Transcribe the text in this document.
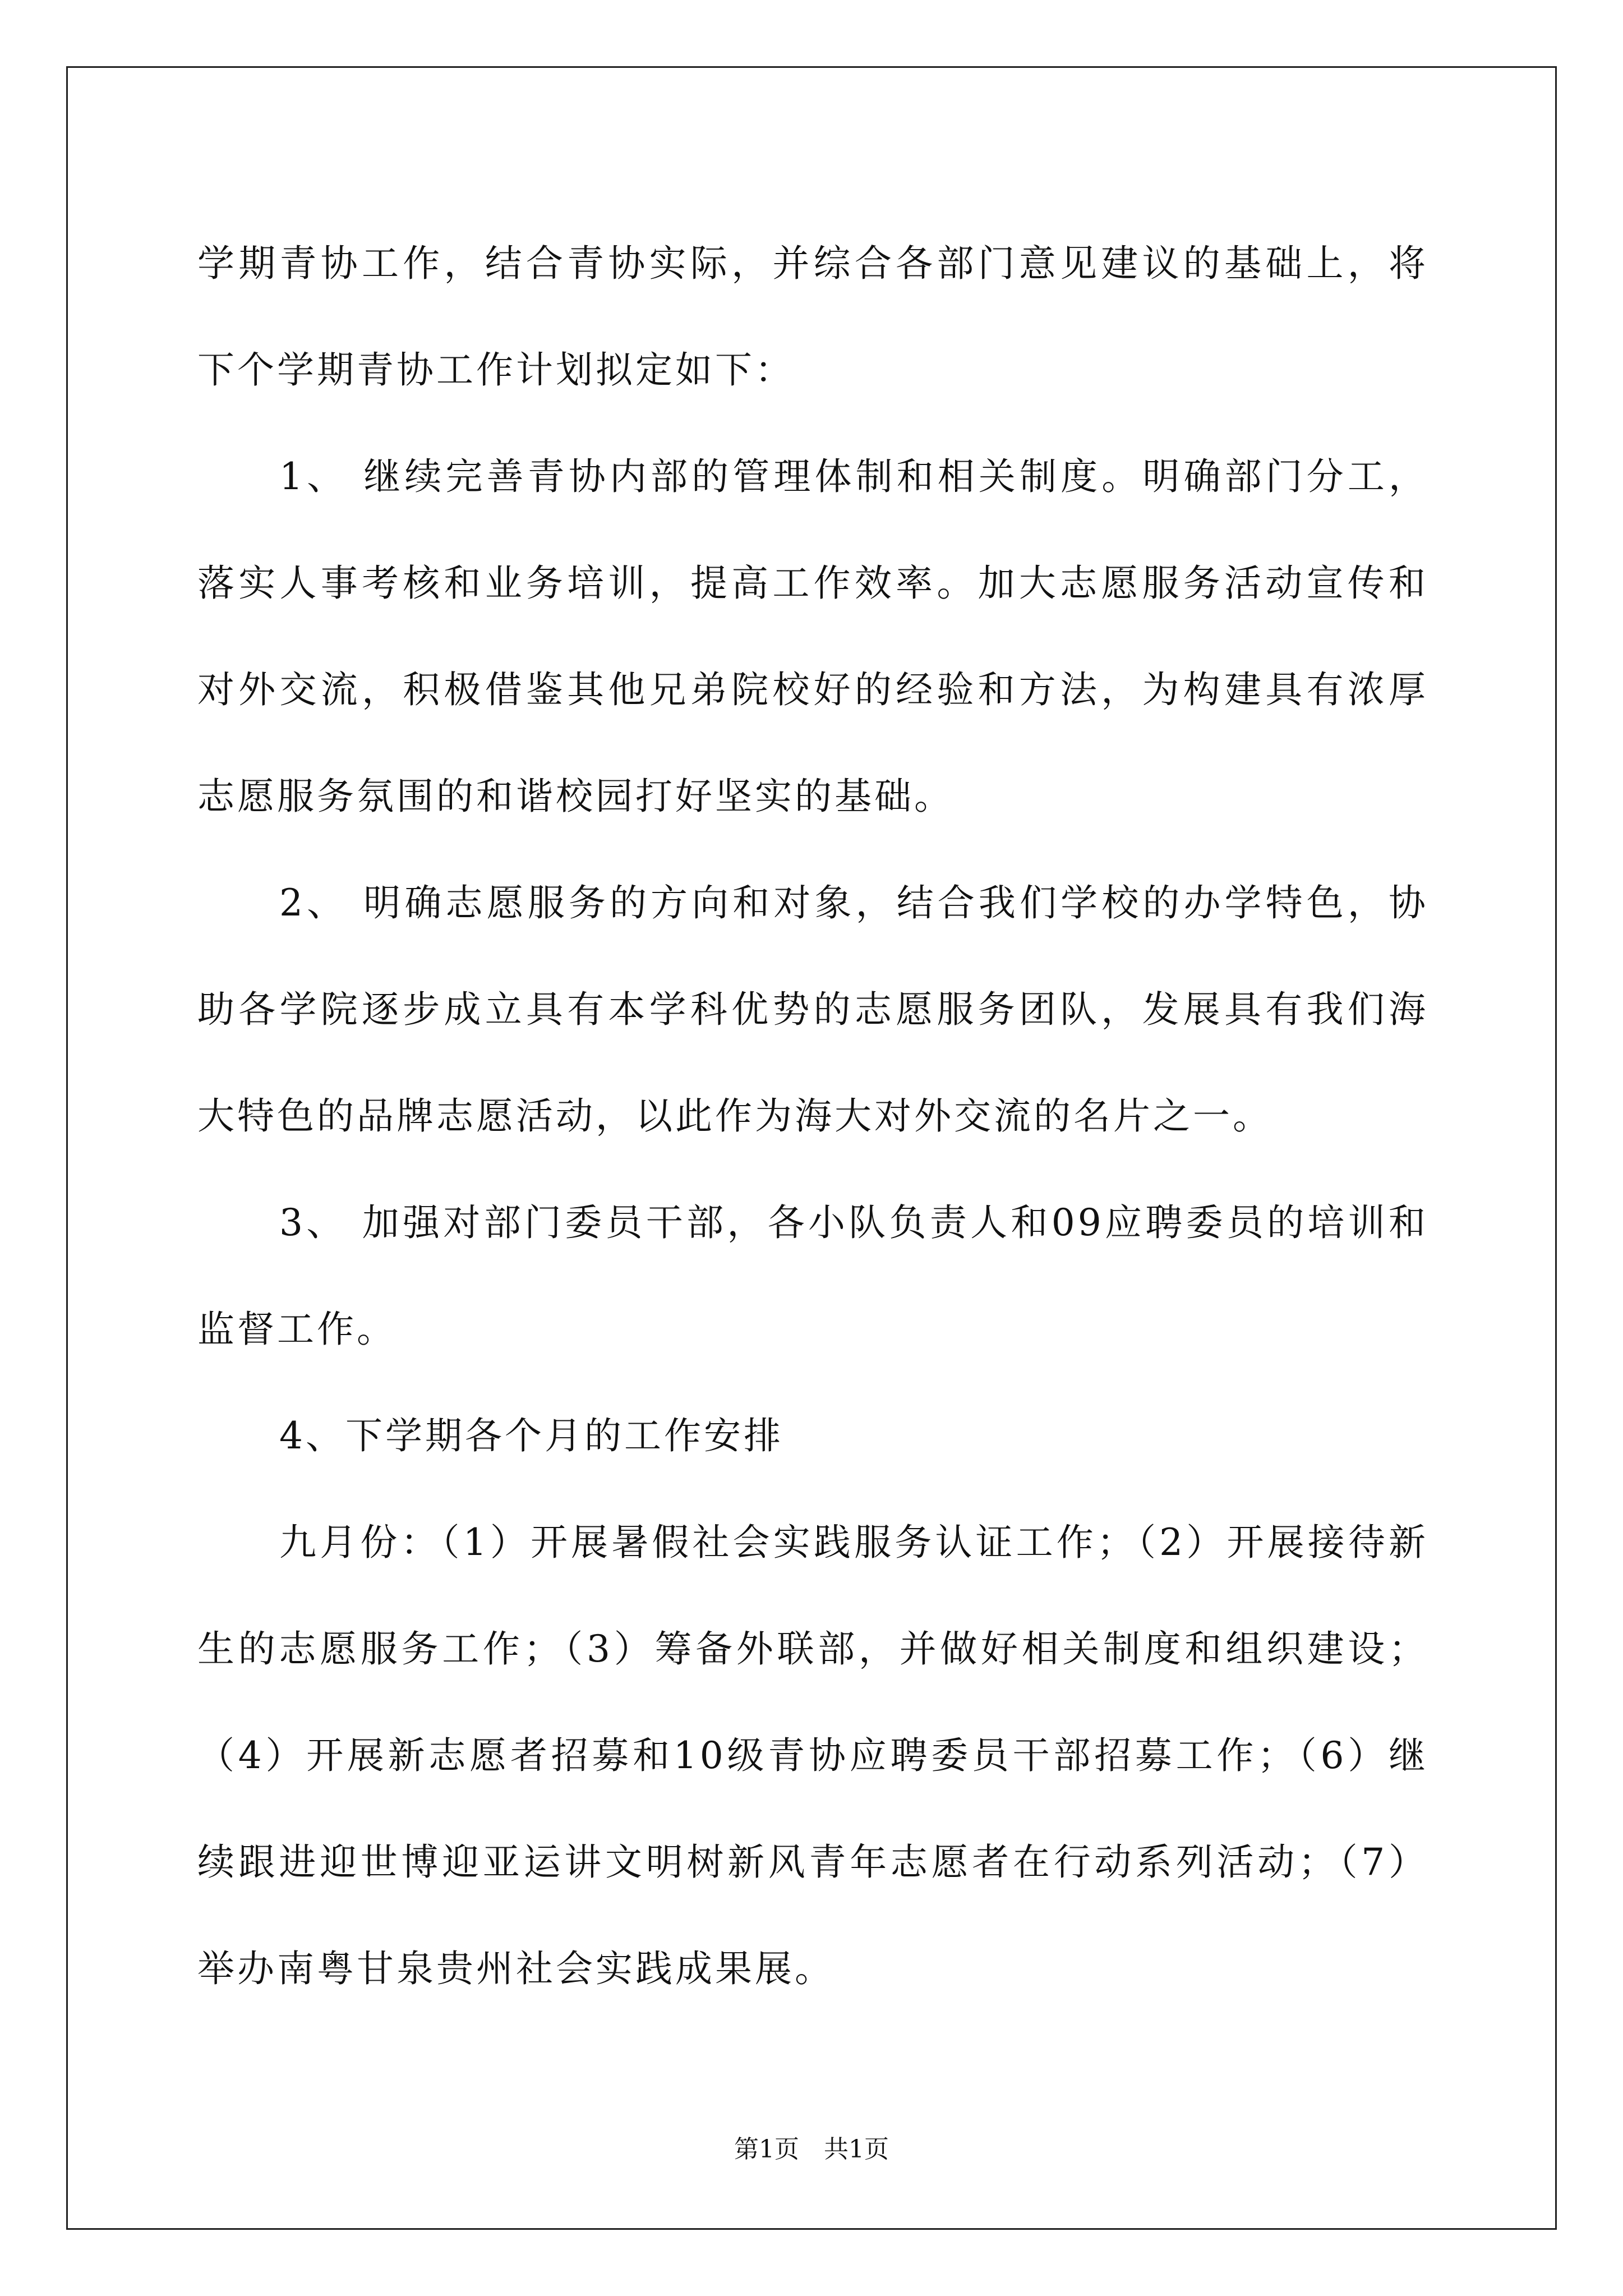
学期青协工作，结合青协实际，并综合各部门意见建议的基础上，将下个学期青协工作计划拟定如下：

1、 继续完善青协内部的管理体制和相关制度。明确部门分工，落实人事考核和业务培训，提高工作效率。加大志愿服务活动宣传和对外交流，积极借鉴其他兄弟院校好的经验和方法，为构建具有浓厚志愿服务氛围的和谐校园打好坚实的基础。

2、 明确志愿服务的方向和对象，结合我们学校的办学特色，协助各学院逐步成立具有本学科优势的志愿服务团队，发展具有我们海大特色的品牌志愿活动，以此作为海大对外交流的名片之一。

3、 加强对部门委员干部，各小队负责人和09应聘委员的培训和监督工作。

4、下学期各个月的工作安排

九月份：（1）开展暑假社会实践服务认证工作；（2）开展接待新生的志愿服务工作；（3）筹备外联部，并做好相关制度和组织建设；（4）开展新志愿者招募和10级青协应聘委员干部招募工作；（6）继续跟进迎世博迎亚运讲文明树新风青年志愿者在行动系列活动；（7）举办南粤甘泉贵州社会实践成果展。

第1页 共1页
